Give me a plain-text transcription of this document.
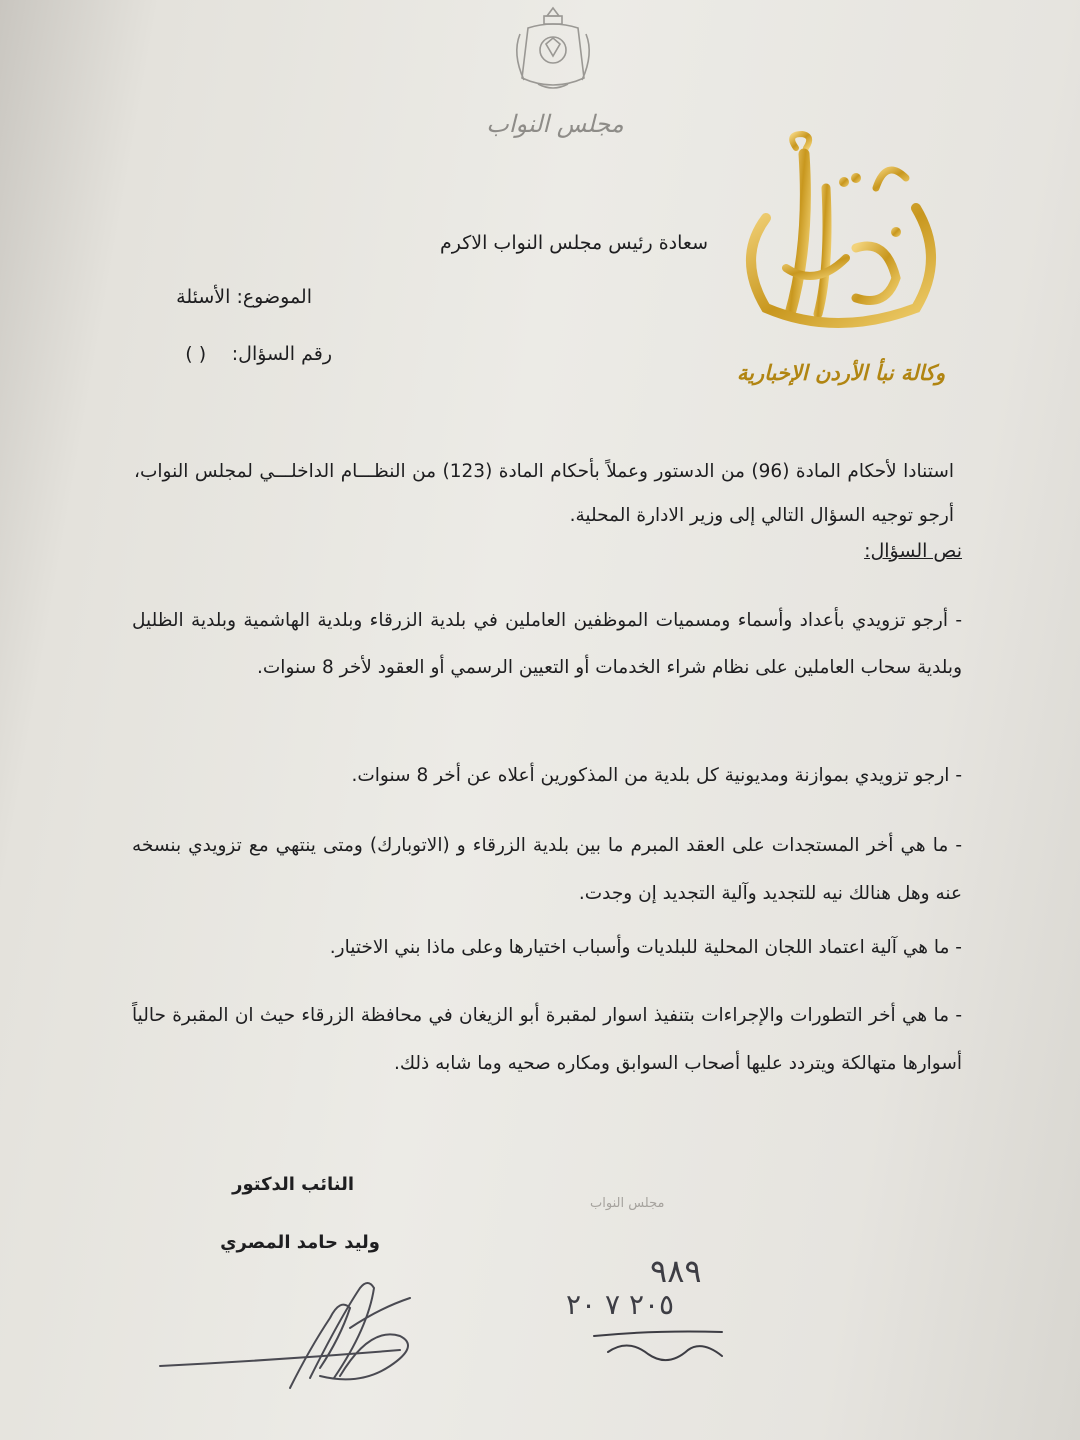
مجلس النواب
وكالة نبأ الأردن الإخبارية
سعادة رئيس مجلس النواب الاكرم
الموضوع: الأسئلة
رقم السؤال: ( )
استنادا لأحكام المادة (96) من الدستور وعملاً بأحكام المادة (123) من النظـــام الداخلـــي لمجلس النواب، أرجو توجيه السؤال التالي إلى وزير الادارة المحلية.
نص السؤال:
- أرجو تزويدي بأعداد وأسماء ومسميات الموظفين العاملين في بلدية الزرقاء وبلدية الهاشمية وبلدية الظليل وبلدية سحاب العاملين على نظام شراء الخدمات أو التعيين الرسمي أو العقود لأخر 8 سنوات.
- ارجو تزويدي بموازنة ومديونية كل بلدية من المذكورين أعلاه عن أخر 8 سنوات.
- ما هي أخر المستجدات على العقد المبرم ما بين بلدية الزرقاء و (الاتوبارك) ومتى ينتهي مع تزويدي بنسخه عنه وهل هنالك نيه للتجديد وآلية التجديد إن وجدت.
- ما هي آلية اعتماد اللجان المحلية للبلديات وأسباب اختيارها وعلى ماذا بني الاختيار.
- ما هي أخر التطورات والإجراءات بتنفيذ اسوار لمقبرة أبو الزيغان في محافظة الزرقاء حيث ان المقبرة حالياً أسوارها متهالكة ويتردد عليها أصحاب السوابق ومكاره صحيه وما شابه ذلك.
النائب الدكتور
وليد حامد المصري
مجلس النواب
٩٨٩
٢٠٥ ٧ ٢٠
